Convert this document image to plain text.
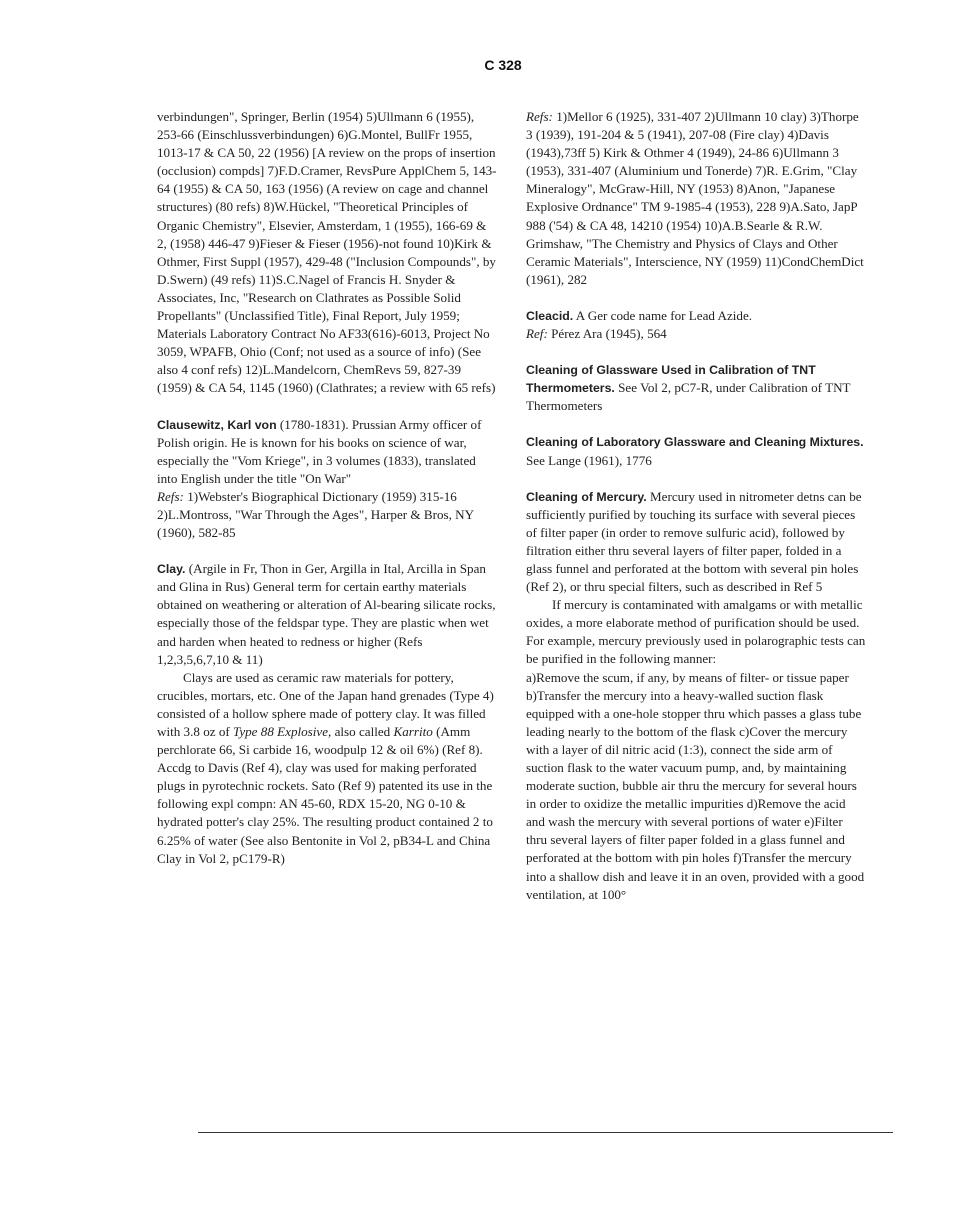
C 328

verbindungen", Springer, Berlin (1954) 5)Ullmann 6 (1955), 253-66 (Einschlussverbindungen) 6)G.Montel, BullFr 1955, 1013-17 & CA 50, 22 (1956) [A review on the props of insertion (occlusion) compds] 7)F.D.Cramer, RevsPure ApplChem 5, 143-64 (1955) & CA 50, 163 (1956) (A review on cage and channel structures) (80 refs) 8)W.Hückel, "Theoretical Principles of Organic Chemistry", Elsevier, Amsterdam, 1 (1955), 166-69 & 2, (1958) 446-47 9)Fieser & Fieser (1956)-not found 10)Kirk & Othmer, First Suppl (1957), 429-48 ("Inclusion Compounds", by D.Swern) (49 refs) 11)S.C.Nagel of Francis H. Snyder & Associates, Inc, "Research on Clathrates as Possible Solid Propellants" (Unclassified Title), Final Report, July 1959; Materials Laboratory Contract No AF33(616)-6013, Project No 3059, WPAFB, Ohio (Conf; not used as a source of info) (See also 4 conf refs) 12)L.Mandelcorn, ChemRevs 59, 827-39 (1959) & CA 54, 1145 (1960) (Clathrates; a review with 65 refs)

Clausewitz, Karl von (1780-1831). Prussian Army officer of Polish origin. He is known for his books on science of war, especially the "Vom Kriege", in 3 volumes (1833), translated into English under the title "On War"

Refs: 1)Webster's Biographical Dictionary (1959) 315-16 2)L.Montross, "War Through the Ages", Harper & Bros, NY (1960), 582-85

Clay. (Argile in Fr, Thon in Ger, Argilla in Ital, Arcilla in Span and Glina in Rus) General term for certain earthy materials obtained on weathering or alteration of Al-bearing silicate rocks, especially those of the feldspar type. They are plastic when wet and harden when heated to redness or higher (Refs 1,2,3,5,6,7,10 & 11)

Clays are used as ceramic raw materials for pottery, crucibles, mortars, etc. One of the Japan hand grenades (Type 4) consisted of a hollow sphere made of pottery clay. It was filled with 3.8 oz of Type 88 Explosive, also called Karrito (Amm perchlorate 66, Si carbide 16, woodpulp 12 & oil 6%) (Ref 8). Accdg to Davis (Ref 4), clay was used for making perforated plugs in pyrotechnic rockets. Sato (Ref 9) patented its use in the following expl compn: AN 45-60, RDX 15-20, NG 0-10 & hydrated potter's clay 25%. The resulting product contained 2 to 6.25% of water (See also Bentonite in Vol 2, pB34-L and China Clay in Vol 2, pC179-R)

Refs: 1)Mellor 6 (1925), 331-407 2)Ullmann 10 clay) 3)Thorpe 3 (1939), 191-204 & 5 (1941), 207-08 (Fire clay) 4)Davis (1943),73ff 5) Kirk & Othmer 4 (1949), 24-86 6)Ullmann 3 (1953), 331-407 (Aluminium und Tonerde) 7)R. E.Grim, "Clay Mineralogy", McGraw-Hill, NY (1953) 8)Anon, "Japanese Explosive Ordnance" TM 9-1985-4 (1953), 228 9)A.Sato, JapP 988 ('54) & CA 48, 14210 (1954) 10)A.B.Searle & R.W. Grimshaw, "The Chemistry and Physics of Clays and Other Ceramic Materials", Interscience, NY (1959) 11)CondChemDict (1961), 282

Cleacid. A Ger code name for Lead Azide.

Ref: Pérez Ara (1945), 564

Cleaning of Glassware Used in Calibration of TNT Thermometers. See Vol 2, pC7-R, under Calibration of TNT Thermometers

Cleaning of Laboratory Glassware and Cleaning Mixtures. See Lange (1961), 1776

Cleaning of Mercury. Mercury used in nitrometer detns can be sufficiently purified by touching its surface with several pieces of filter paper (in order to remove sulfuric acid), followed by filtration either thru several layers of filter paper, folded in a glass funnel and perforated at the bottom with several pin holes (Ref 2), or thru special filters, such as described in Ref 5

If mercury is contaminated with amalgams or with metallic oxides, a more elaborate method of purification should be used. For example, mercury previously used in polarographic tests can be purified in the following manner:

a)Remove the scum, if any, by means of filter- or tissue paper b)Transfer the mercury into a heavy-walled suction flask equipped with a one-hole stopper thru which passes a glass tube leading nearly to the bottom of the flask c)Cover the mercury with a layer of dil nitric acid (1:3), connect the side arm of suction flask to the water vacuum pump, and, by maintaining moderate suction, bubble air thru the mercury for several hours in order to oxidize the metallic impurities d)Remove the acid and wash the mercury with several portions of water e)Filter thru several layers of filter paper folded in a glass funnel and perforated at the bottom with pin holes f)Transfer the mercury into a shallow dish and leave it in an oven, provided with a good ventilation, at 100°
